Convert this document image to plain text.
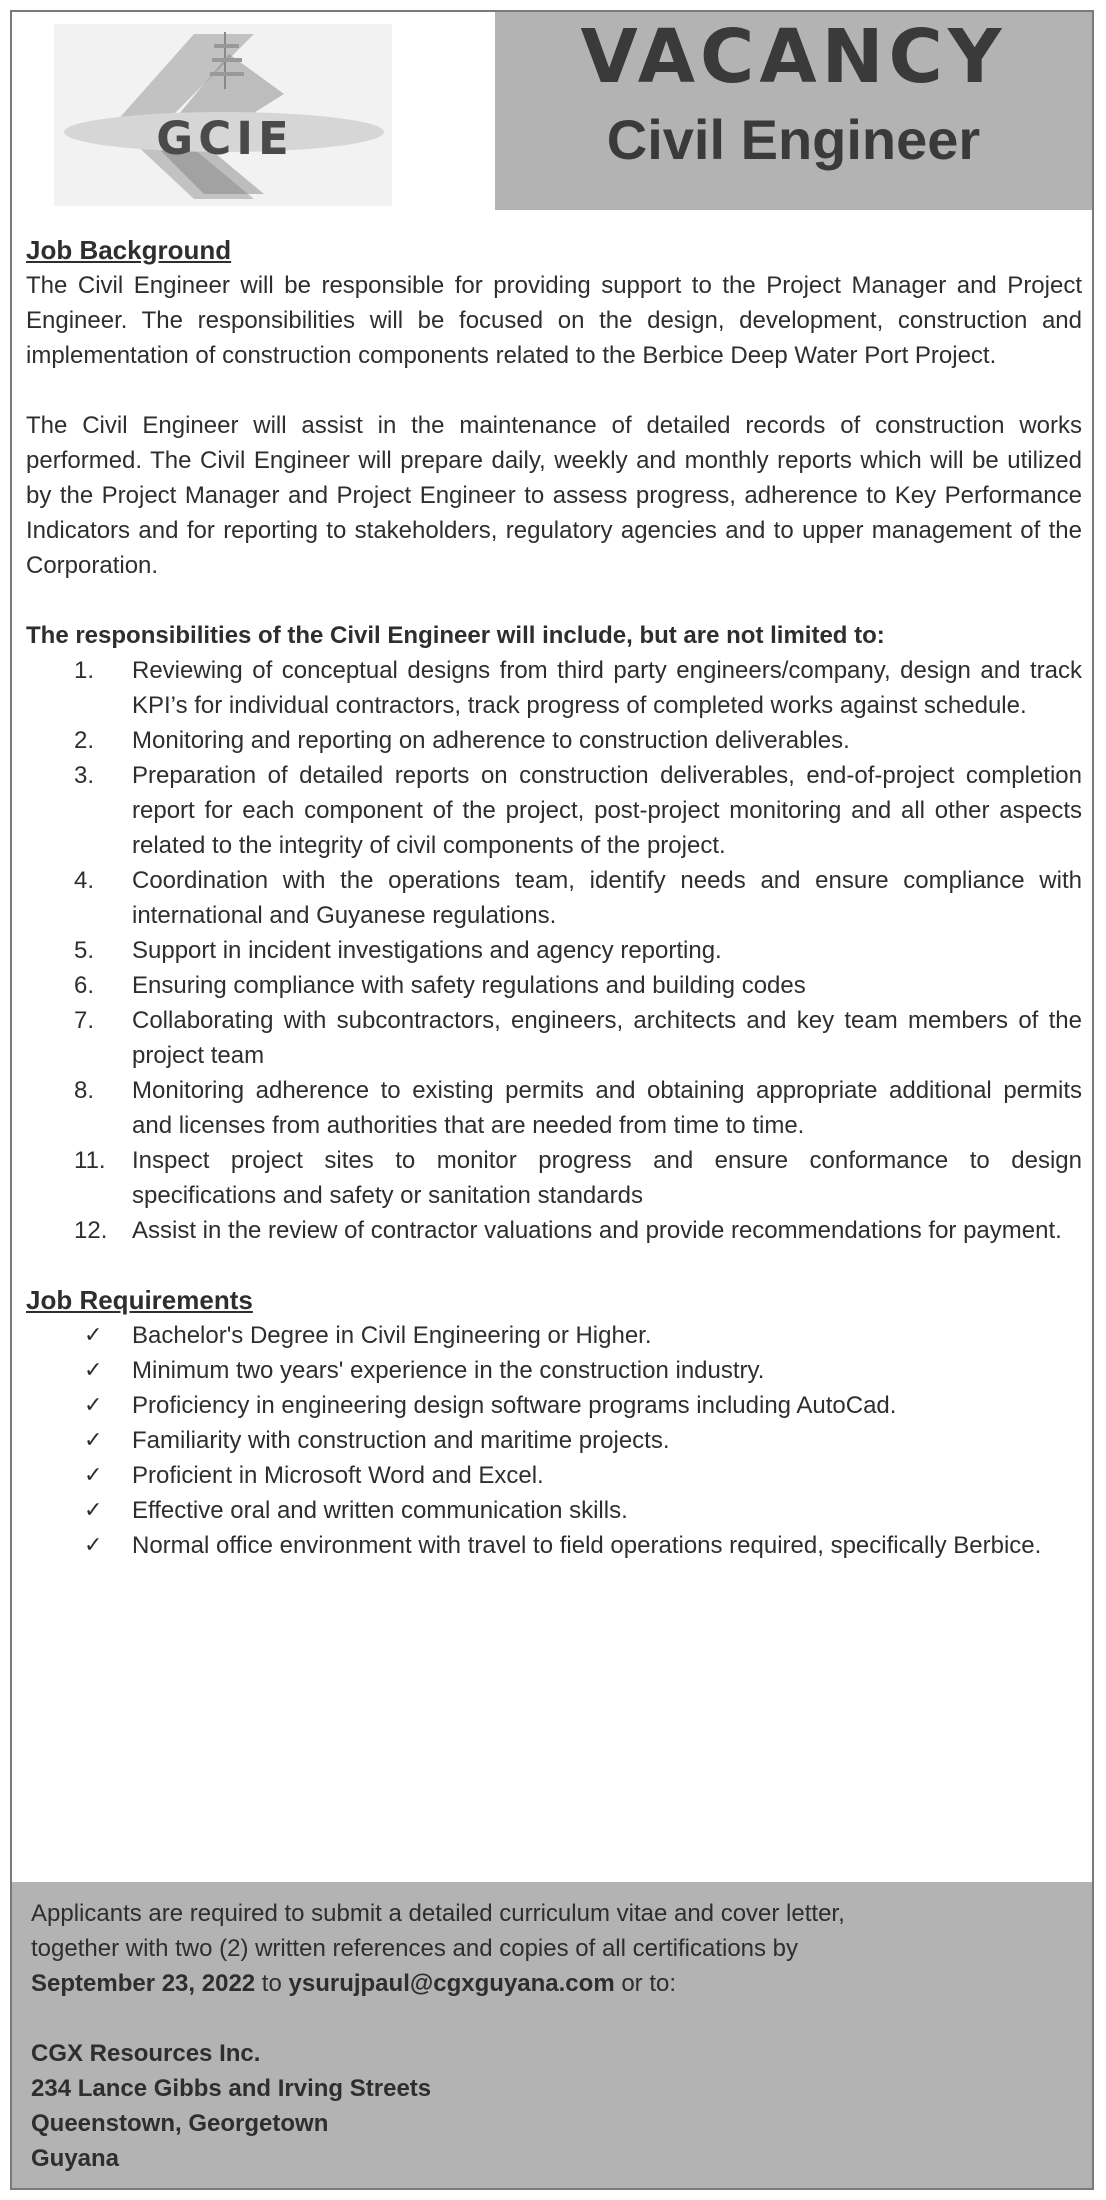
GCIE
VACANCY
Civil Engineer
Job Background

The Civil Engineer will be responsible for providing support to the Project Manager and Project Engineer. The responsibilities will be focused on the design, development, construction and implementation of construction components related to the Berbice Deep Water Port Project.

The Civil Engineer will assist in the maintenance of detailed records of construction works performed. The Civil Engineer will prepare daily, weekly and monthly reports which will be utilized by the Project Manager and Project Engineer to assess progress, adherence to Key Performance Indicators and for reporting to stakeholders, regulatory agencies and to upper management of the Corporation.

The responsibilities of the Civil Engineer will include, but are not limited to:
1.	Reviewing of conceptual designs from third party engineers/company, design and track KPI’s for individual contractors, track progress of completed works against schedule.
2.	Monitoring and reporting on adherence to construction deliverables.
3.	Preparation of detailed reports on construction deliverables, end-of-project completion report for each component of the project, post-project monitoring and all other aspects related to the integrity of civil components of the project.
4.	Coordination with the operations team, identify needs and ensure compliance with international and Guyanese regulations.
5.	Support in incident investigations and agency reporting.
6.	Ensuring compliance with safety regulations and building codes
7.	Collaborating with subcontractors, engineers, architects and key team members of the project team
8.	Monitoring adherence to existing permits and obtaining appropriate additional permits and licenses from authorities that are needed from time to time.
11.	Inspect project sites to monitor progress and ensure conformance to design specifications and safety or sanitation standards
12.	Assist in the review of contractor valuations and provide recommendations for payment.
Job Requirements
✓ Bachelor's Degree in Civil Engineering or Higher.
✓ Minimum two years' experience in the construction industry.
✓ Proficiency in engineering design software programs including AutoCad.
✓ Familiarity with construction and maritime projects.
✓ Proficient in Microsoft Word and Excel.
✓ Effective oral and written communication skills.
✓ Normal office environment with travel to field operations required, specifically Berbice.
Applicants are required to submit a detailed curriculum vitae and cover letter,
together with two (2) written references and copies of all certifications by
September 23, 2022 to ysurujpaul@cgxguyana.com or to:
CGX Resources Inc.
234 Lance Gibbs and Irving Streets
Queenstown, Georgetown
Guyana
